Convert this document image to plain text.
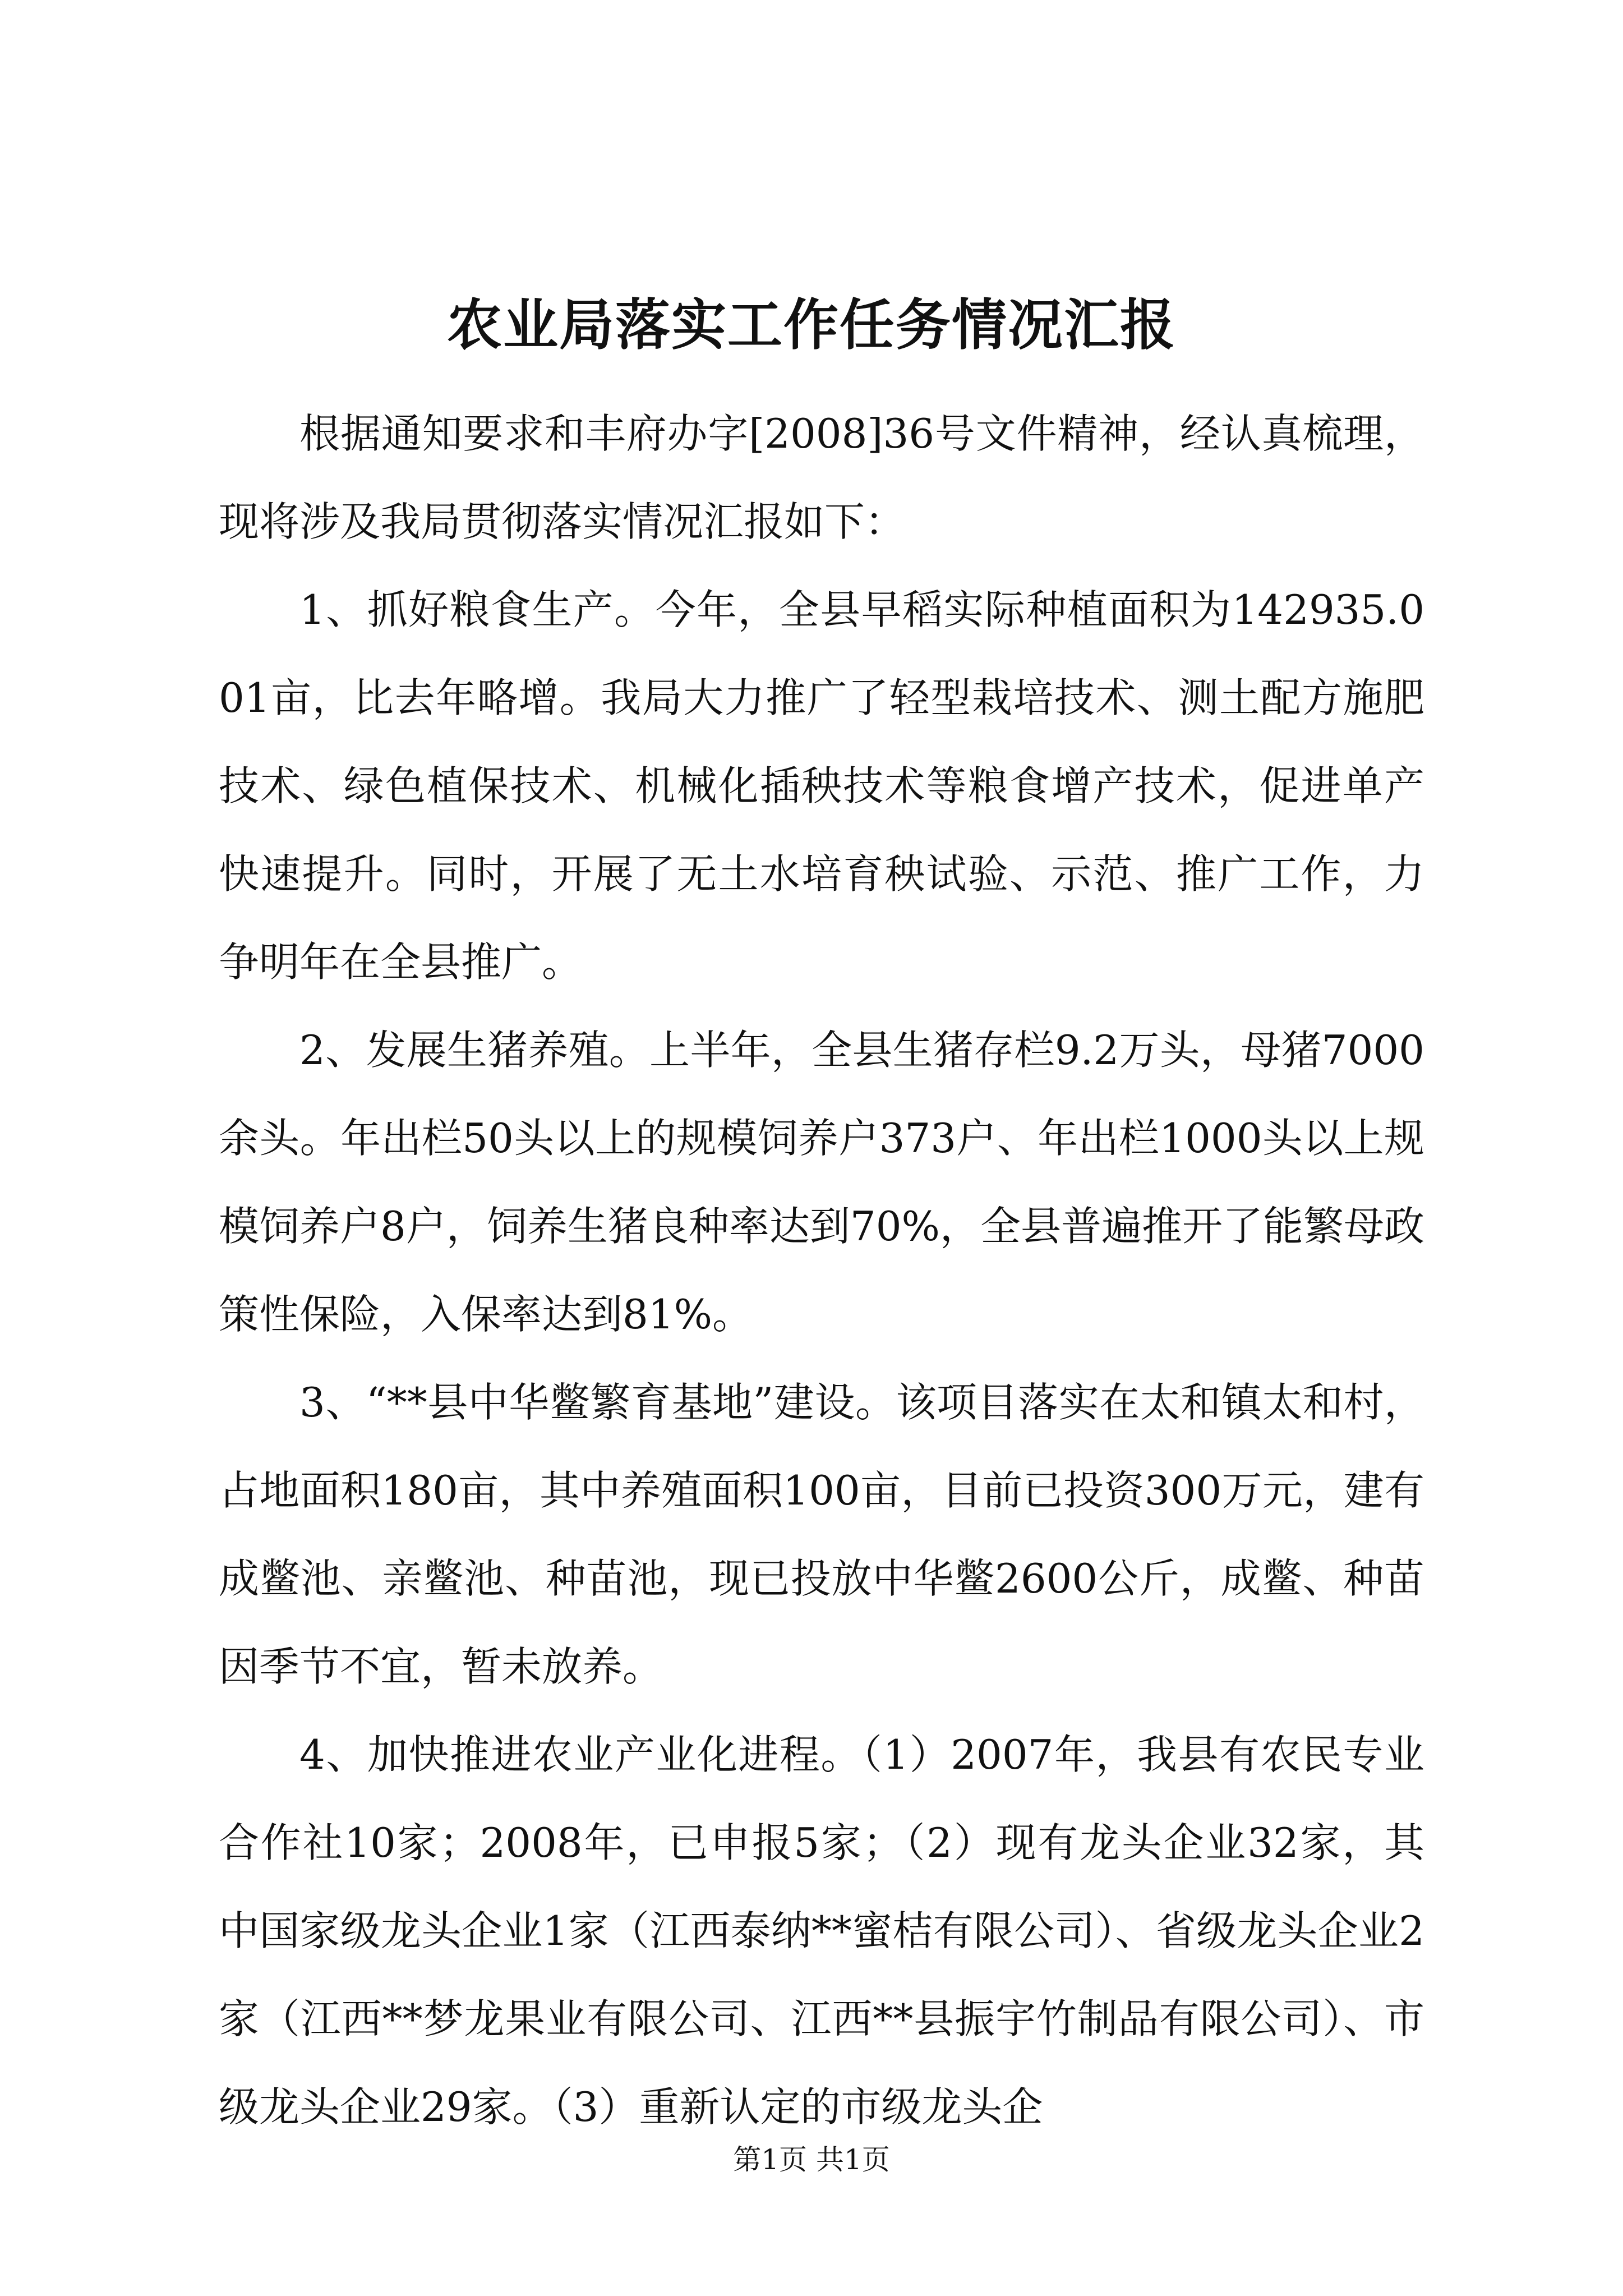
农业局落实工作任务情况汇报

根据通知要求和丰府办字[2008]36号文件精神，经认真梳理，现将涉及我局贯彻落实情况汇报如下：

1、抓好粮食生产。今年，全县早稻实际种植面积为142935.001亩，比去年略增。我局大力推广了轻型栽培技术、测土配方施肥技术、绿色植保技术、机械化插秧技术等粮食增产技术，促进单产快速提升。同时，开展了无土水培育秧试验、示范、推广工作，力争明年在全县推广。

2、发展生猪养殖。上半年，全县生猪存栏9.2万头，母猪7000余头。年出栏50头以上的规模饲养户373户、年出栏1000头以上规模饲养户8户，饲养生猪良种率达到70%，全县普遍推开了能繁母政策性保险，入保率达到81%。

3、“**县中华鳖繁育基地”建设。该项目落实在太和镇太和村，占地面积180亩，其中养殖面积100亩，目前已投资300万元，建有成鳖池、亲鳖池、种苗池，现已投放中华鳖2600公斤，成鳖、种苗因季节不宜，暂未放养。

4、加快推进农业产业化进程。（1）2007年，我县有农民专业合作社10家；2008年，已申报5家；（2）现有龙头企业32家，其中国家级龙头企业1家（江西泰纳**蜜桔有限公司）、省级龙头企业2家（江西**梦龙果业有限公司、江西**县振宇竹制品有限公司）、市级龙头企业29家。（3）重新认定的市级龙头企

第1页 共1页
